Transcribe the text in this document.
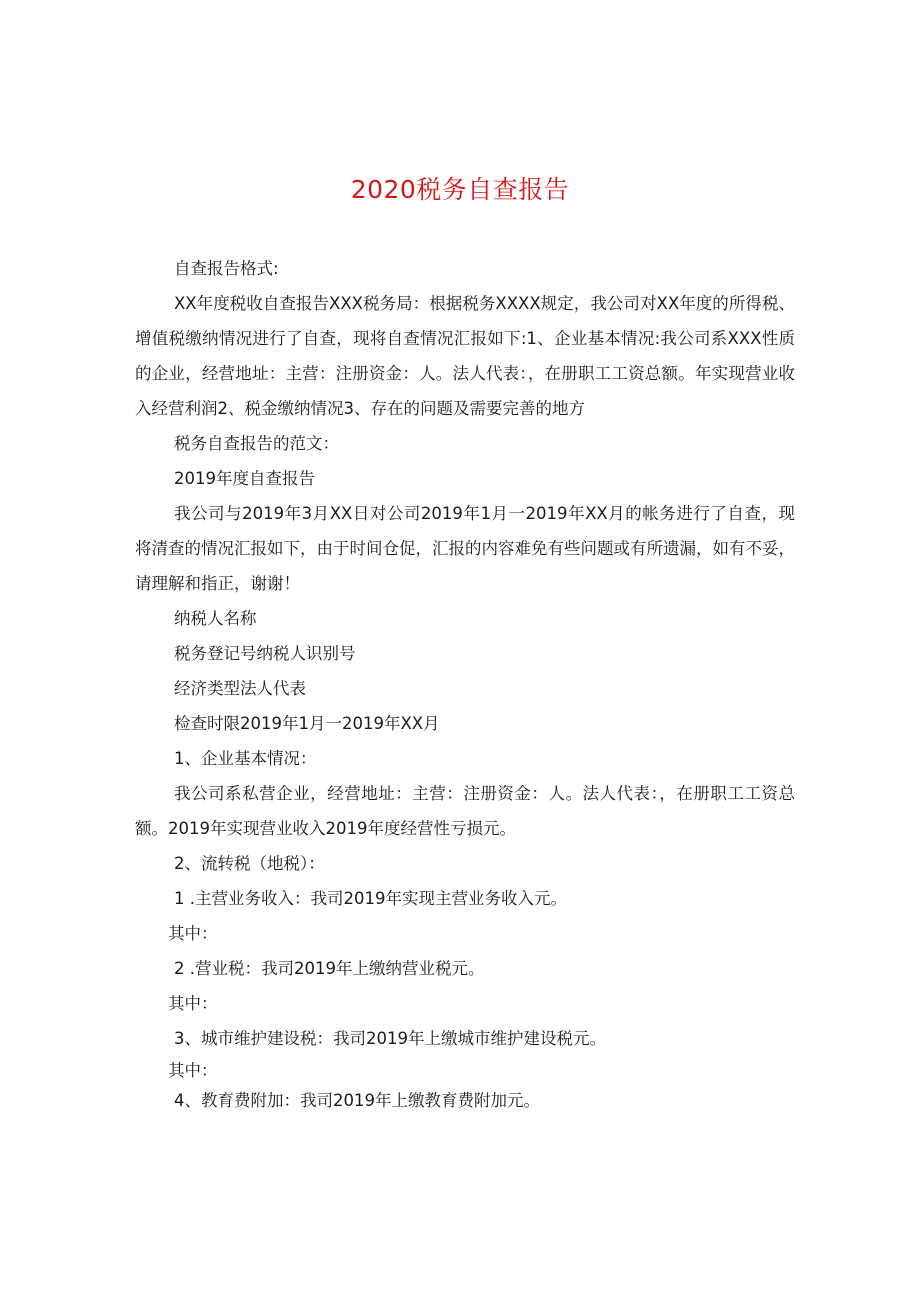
2020税务自查报告

自查报告格式:

XX年度税收自查报告XXX税务局：根据税务XXXX规定，我公司对XX年度的所得税、增值税缴纳情况进行了自查，现将自查情况汇报如下:1、企业基本情况:我公司系XXX性质的企业，经营地址：主营：注册资金：人。法人代表：，在册职工工资总额。年实现营业收入经营利润2、税金缴纳情况3、存在的问题及需要完善的地方

税务自查报告的范文：

2019年度自查报告

我公司与2019年3月XX日对公司2019年1月一2019年XX月的帐务进行了自查，现将清查的情况汇报如下，由于时间仓促，汇报的内容难免有些问题或有所遗漏，如有不妥，请理解和指正，谢谢！

纳税人名称

税务登记号纳税人识别号

经济类型法人代表

检查时限2019年1月一2019年XX月

1、企业基本情况：

我公司系私营企业，经营地址：主营：注册资金：人。法人代表：，在册职工工资总额。2019年实现营业收入2019年度经营性亏损元。

2、流转税（地税）：

1 .主营业务收入：我司2019年实现主营业务收入元。

其中：

2 .营业税：我司2019年上缴纳营业税元。

其中：

3、城市维护建设税：我司2019年上缴城市维护建设税元。

其中：

4、教育费附加：我司2019年上缴教育费附加元。
